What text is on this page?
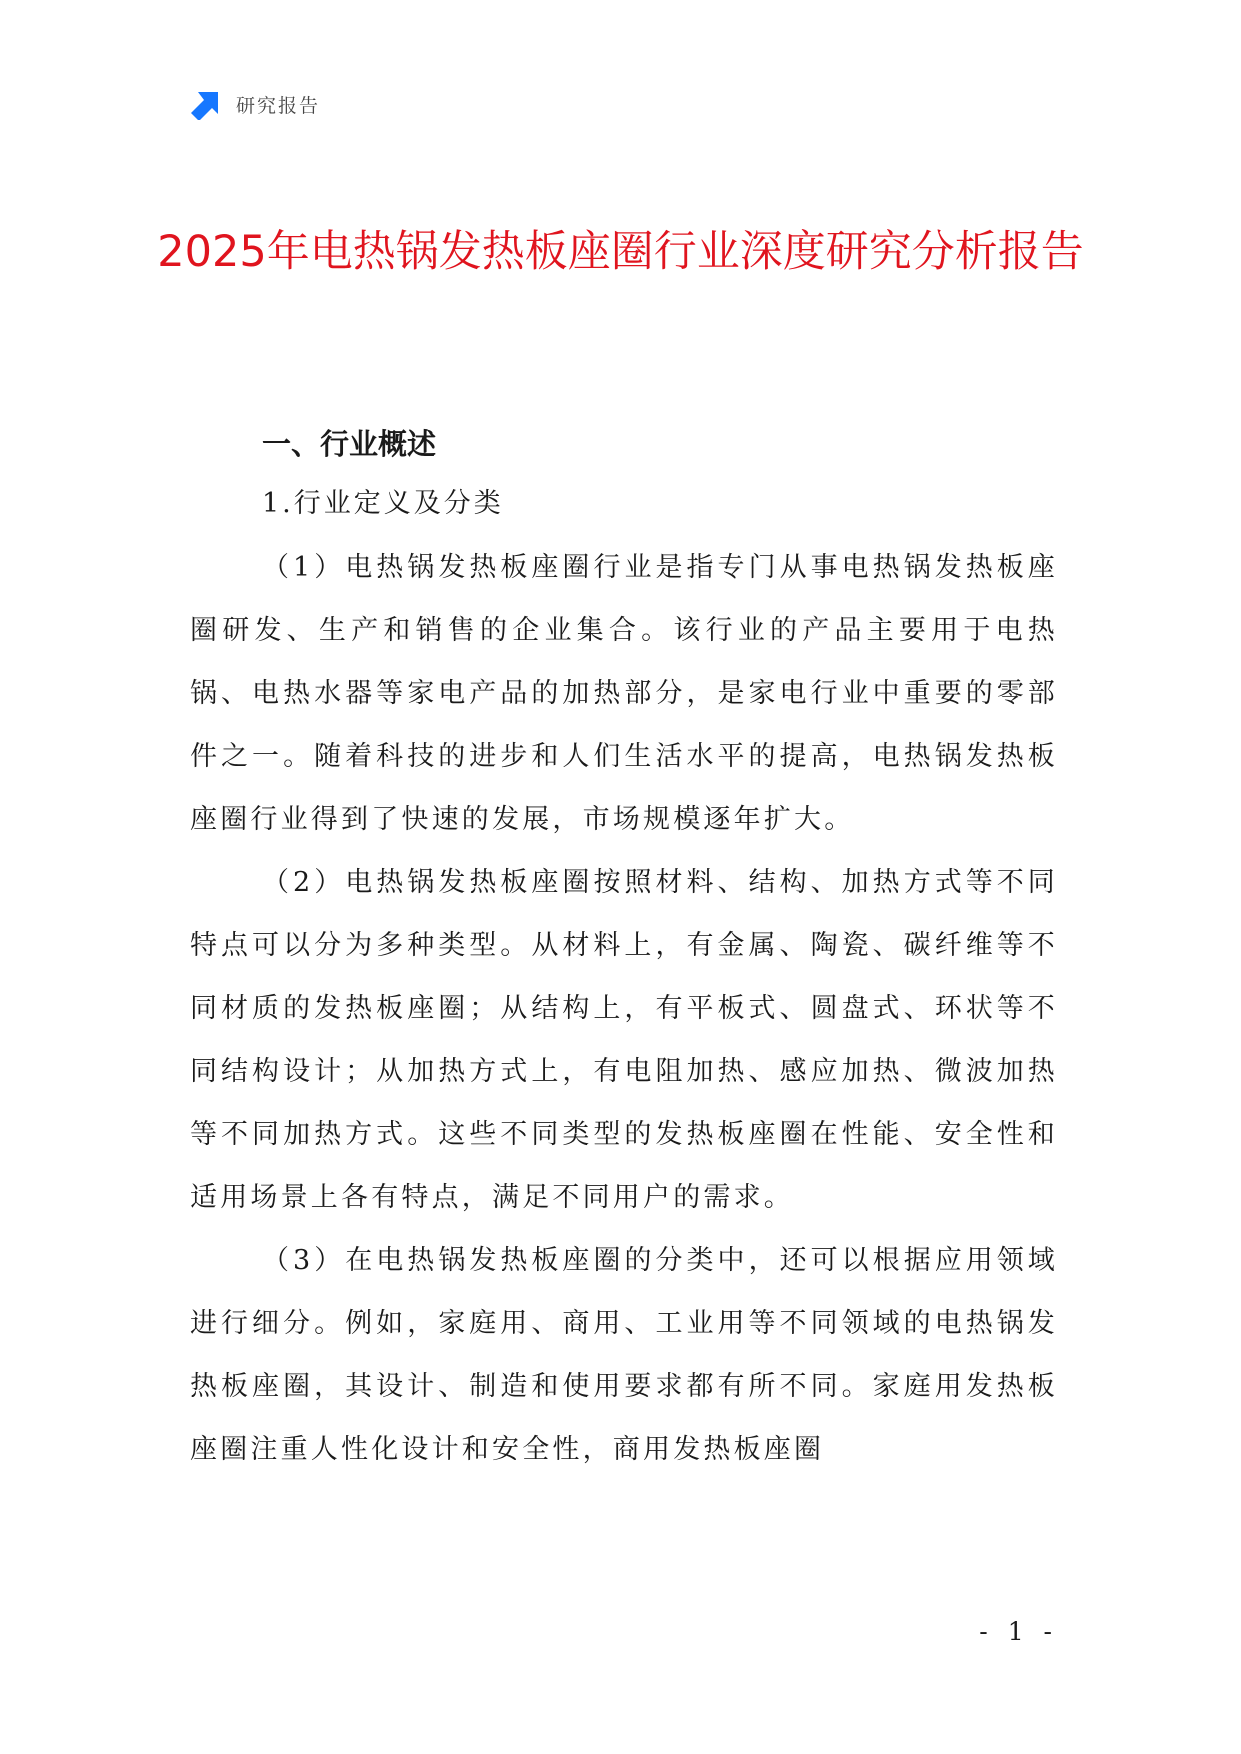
研究报告
2025年电热锅发热板座圈行业深度研究分析报告
一、行业概述
1.行业定义及分类

（1）电热锅发热板座圈行业是指专门从事电热锅发热板座圈研发、生产和销售的企业集合。该行业的产品主要用于电热锅、电热水器等家电产品的加热部分，是家电行业中重要的零部件之一。随着科技的进步和人们生活水平的提高，电热锅发热板座圈行业得到了快速的发展，市场规模逐年扩大。

（2）电热锅发热板座圈按照材料、结构、加热方式等不同特点可以分为多种类型。从材料上，有金属、陶瓷、碳纤维等不同材质的发热板座圈；从结构上，有平板式、圆盘式、环状等不同结构设计；从加热方式上，有电阻加热、感应加热、微波加热等不同加热方式。这些不同类型的发热板座圈在性能、安全性和适用场景上各有特点，满足不同用户的需求。

（3）在电热锅发热板座圈的分类中，还可以根据应用领域进行细分。例如，家庭用、商用、工业用等不同领域的电热锅发热板座圈，其设计、制造和使用要求都有所不同。家庭用发热板座圈注重人性化设计和安全性，商用发热板座圈

- 1 -
